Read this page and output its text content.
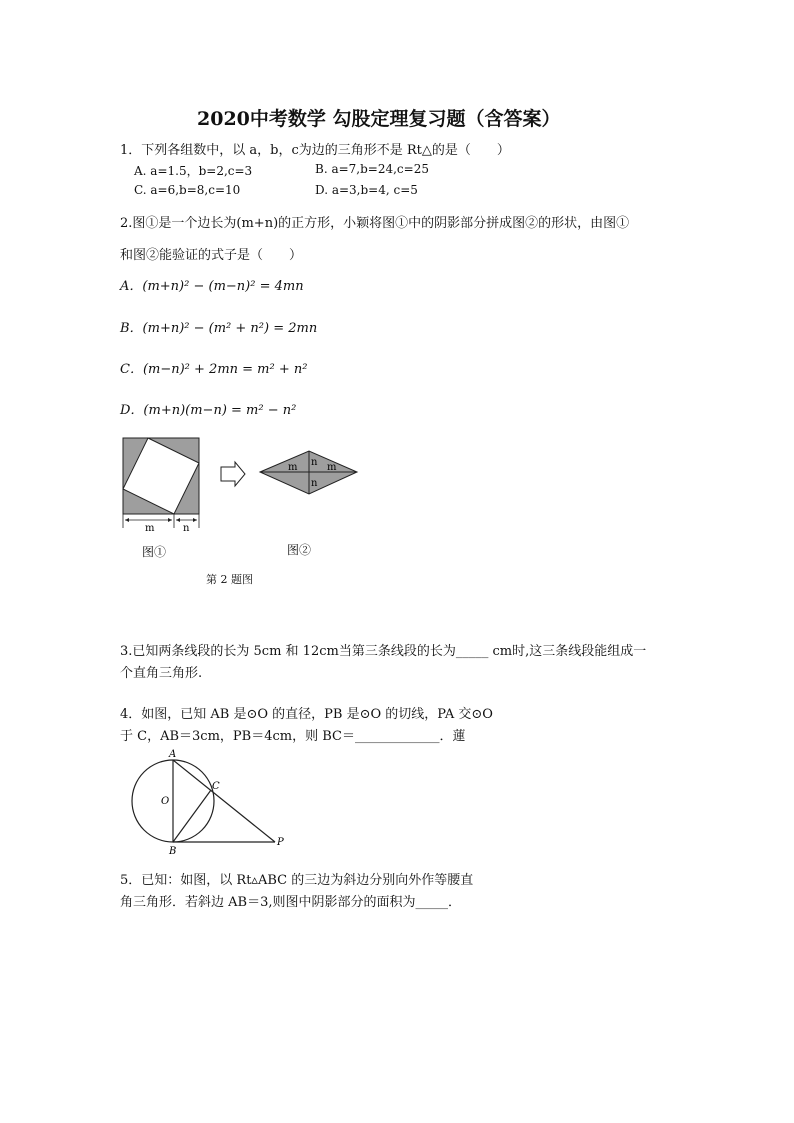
2020中考数学 勾股定理复习题（含答案）
1．下列各组数中，以 a，b，c为边的三角形不是 Rt△的是（　　）
A. a=1.5，b=2,c=3	B. a=7,b=24,c=25
C. a=6,b=8,c=10	D. a=3,b=4, c=5
2.图①是一个边长为(m+n)的正方形，小颖将图①中的阴影部分拼成图②的形状，由图①
和图②能验证的式子是（　　）
A．(m+n)² − (m−n)² = 4mn
B．(m+n)² − (m² + n²) = 2mn
C．(m−n)² + 2mn = m² + n²
D．(m+n)(m−n) = m² − n²
m	n
m	m
n
n
图①	图②
第 2 题图
3.已知两条线段的长为 5cm 和 12cm当第三条线段的长为_____ cm时,这三条线段能组成一
个直角三角形.
4．如图，已知 AB 是⊙O 的直径，PB 是⊙O 的切线，PA 交⊙O
于 C，AB＝3cm，PB＝4cm，则 BC＝_____________．蓮
A
B
C
O
P
5．已知：如图，以 Rt▵ABC 的三边为斜边分别向外作等腰直
角三角形．若斜边 AB＝3,则图中阴影部分的面积为_____．
